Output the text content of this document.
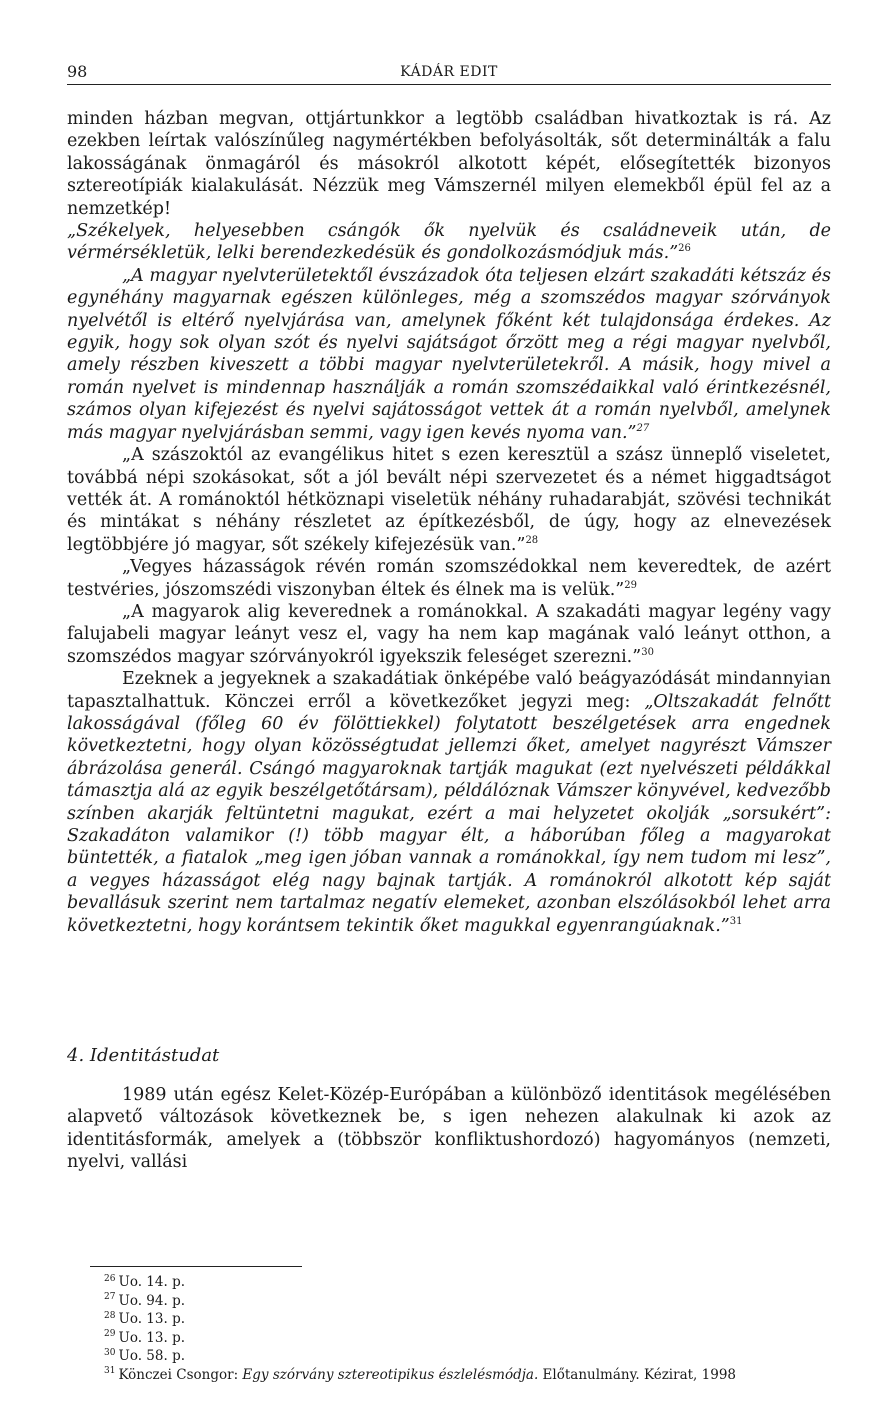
98	KÁDÁR EDIT

minden házban megvan, ottjártunkkor a legtöbb családban hivatkoztak is rá. Az ezekben leírtak valószínűleg nagymértékben befolyásolták, sőt determinálták a falu lakosságának önmagáról és másokról alkotott képét, elősegítették bizonyos sztereotípiák kialakulását. Nézzük meg Vámszernél milyen elemekből épül fel az a nemzetkép!
„Székelyek, helyesebben csángók ők nyelvük és családneveik után, de vérmérsékletük, lelki berendezkedésük és gondolkozásmódjuk más.”$^{26}$

„A magyar nyelvterületektől évszázadok óta teljesen elzárt szakadáti kétszáz és egynéhány magyarnak egészen különleges, még a szomszédos magyar szórványok nyelvétől is eltérő nyelvjárása van, amelynek főként két tulajdonsága érdekes. Az egyik, hogy sok olyan szót és nyelvi sajátságot őrzött meg a régi magyar nyelvből, amely részben kiveszett a többi magyar nyelvterületekről. A másik, hogy mivel a román nyelvet is mindennap használják a román szomszédaikkal való érintkezésnél, számos olyan kifejezést és nyelvi sajátosságot vettek át a román nyelvből, amelynek más magyar nyelvjárásban semmi, vagy igen kevés nyoma van.”$^{27}$

„A szászoktól az evangélikus hitet s ezen keresztül a szász ünneplő viseletet, továbbá népi szokásokat, sőt a jól bevált népi szervezetet és a német higgadtságot vették át. A románoktól hétköznapi viseletük néhány ruhadarabját, szövési technikát és mintákat s néhány részletet az építkezésből, de úgy, hogy az elnevezések legtöbbjére jó magyar, sőt székely kifejezésük van.”$^{28}$

„Vegyes házasságok révén román szomszédokkal nem keveredtek, de azért testvéries, jószomszédi viszonyban éltek és élnek ma is velük.”$^{29}$

„A magyarok alig keverednek a románokkal. A szakadáti magyar legény vagy falujabeli magyar leányt vesz el, vagy ha nem kap magának való leányt otthon, a szomszédos magyar szórványokról igyekszik feleséget szerezni.”$^{30}$

Ezeknek a jegyeknek a szakadátiak önképébe való beágyazódását mindannyian tapasztalhattuk. Könczei erről a következőket jegyzi meg: „Oltszakadát felnőtt lakosságával (főleg 60 év fölöttiekkel) folytatott beszélgetések arra engednek következtetni, hogy olyan közösségtudat jellemzi őket, amelyet nagyrészt Vámszer ábrázolása generál. Csángó magyaroknak tartják magukat (ezt nyelvészeti példákkal támasztja alá az egyik beszélgetőtársam), példálóznak Vámszer könyvével, kedvezőbb színben akarják feltüntetni magukat, ezért a mai helyzetet okolják „sorsukért”: Szakadáton valamikor (!) több magyar élt, a háborúban főleg a magyarokat büntették, a fiatalok „meg igen jóban vannak a románokkal, így nem tudom mi lesz”, a vegyes házasságot elég nagy bajnak tartják. A románokról alkotott kép saját bevallásuk szerint nem tartalmaz negatív elemeket, azonban elszólásokból lehet arra következtetni, hogy korántsem tekintik őket magukkal egyenrangúaknak.”$^{31}$

4. Identitástudat

1989 után egész Kelet-Közép-Európában a különböző identitások megélésében alapvető változások következnek be, s igen nehezen alakulnak ki azok az identitásformák, amelyek a (többször konfliktushordozó) hagyományos (nemzeti, nyelvi, vallási

$^{26}$ Uo. 14. p.
$^{27}$ Uo. 94. p.
$^{28}$ Uo. 13. p.
$^{29}$ Uo. 13. p.
$^{30}$ Uo. 58. p.
$^{31}$ Könczei Csongor: Egy szórvány sztereotipikus észlelésmódja. Előtanulmány. Kézirat, 1998
